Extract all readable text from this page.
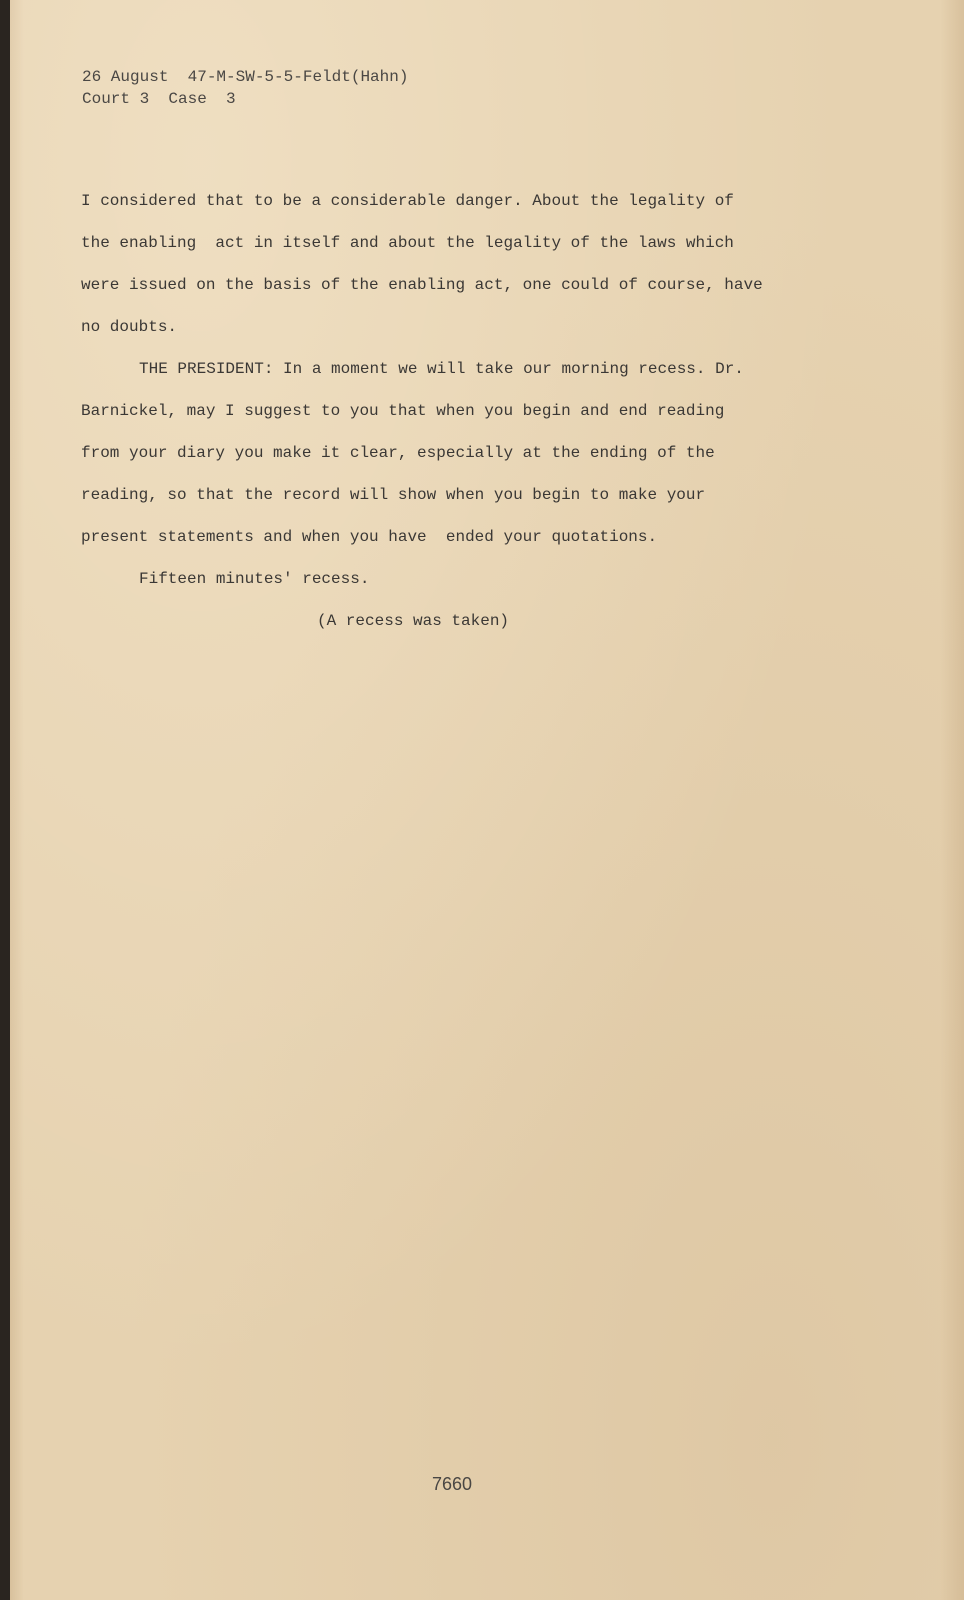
26 August  47-M-SW-5-5-Feldt(Hahn)
Court 3  Case  3
I considered that to be a considerable danger. About the legality of
the enabling  act in itself and about the legality of the laws which
were issued on the basis of the enabling act, one could of course, have
no doubts.
THE PRESIDENT: In a moment we will take our morning recess. Dr.
Barnickel, may I suggest to you that when you begin and end reading
from your diary you make it clear, especially at the ending of the
reading, so that the record will show when you begin to make your
present statements and when you have  ended your quotations.
Fifteen minutes' recess.
(A recess was taken)
7660
